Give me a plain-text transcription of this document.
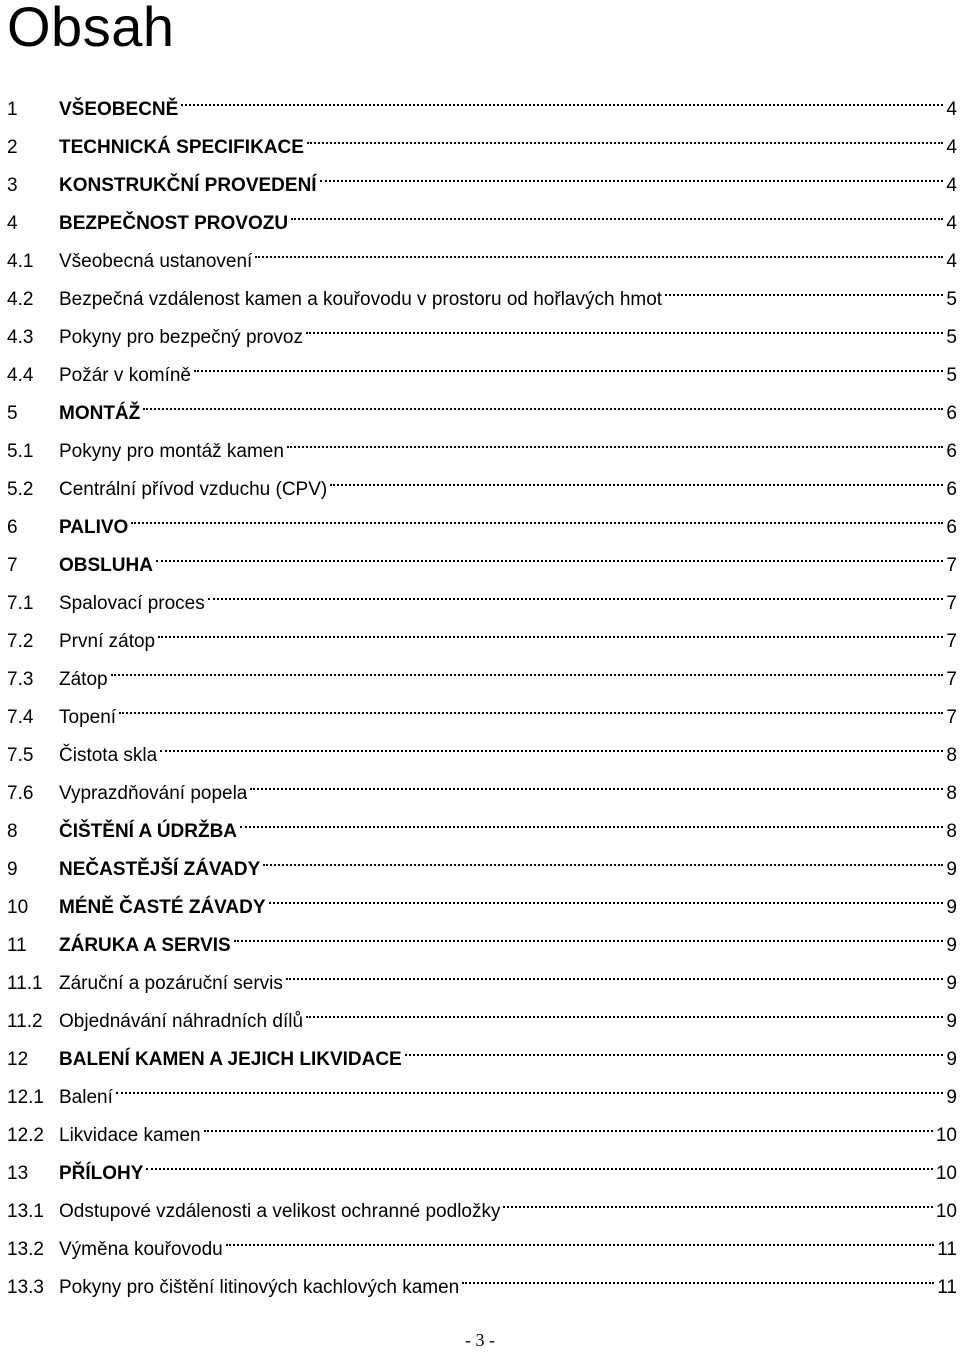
Obsah
1	VŠEOBECNĚ	4
2	TECHNICKÁ SPECIFIKACE	4
3	KONSTRUKČNÍ PROVEDENÍ	4
4	BEZPEČNOST PROVOZU	4
4.1	Všeobecná ustanovení	4
4.2	Bezpečná vzdálenost kamen a kouřovodu v prostoru od hořlavých hmot	5
4.3	Pokyny pro bezpečný provoz	5
4.4	Požár v komíně	5
5	MONTÁŽ	6
5.1	Pokyny pro montáž kamen	6
5.2	Centrální přívod vzduchu (CPV)	6
6	PALIVO	6
7	OBSLUHA	7
7.1	Spalovací proces	7
7.2	První zátop	7
7.3	Zátop	7
7.4	Topení	7
7.5	Čistota skla	8
7.6	Vyprazdňování popela	8
8	ČIŠTĚNÍ A ÚDRŽBA	8
9	NEČASTĚJŠÍ ZÁVADY	9
10	MÉNĚ ČASTÉ ZÁVADY	9
11	ZÁRUKA A SERVIS	9
11.1 Záruční a pozáruční servis	9
11.2 Objednávání náhradních dílů	9
12	BALENÍ KAMEN A JEJICH LIKVIDACE	9
12.1 Balení	9
12.2 Likvidace kamen	10
13	PŘÍLOHY	10
13.1 Odstupové vzdálenosti a velikost ochranné podložky	10
13.2 Výměna kouřovodu	11
13.3 Pokyny pro čištění litinových kachlových kamen	11
- 3 -
